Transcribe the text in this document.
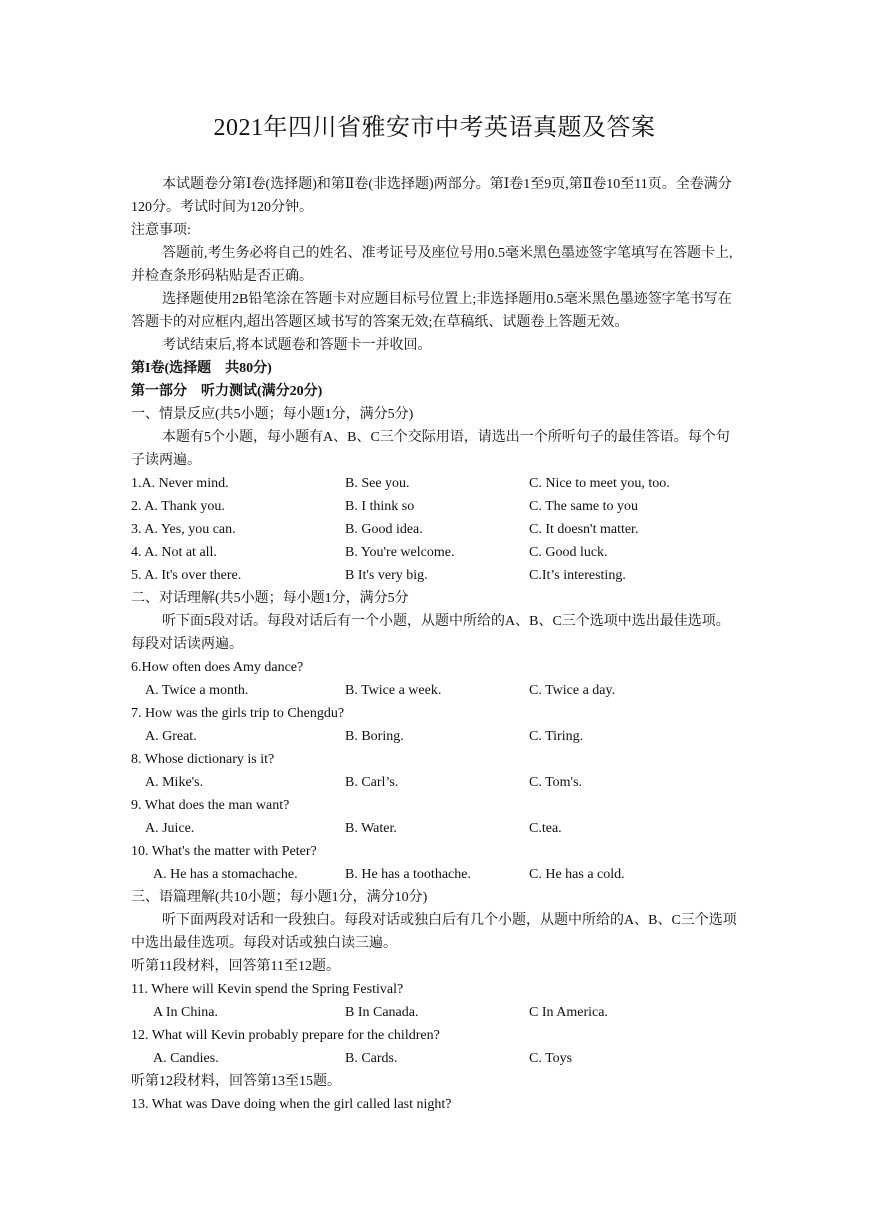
2021年四川省雅安市中考英语真题及答案

本试题卷分第Ⅰ卷(选择题)和第Ⅱ卷(非选择题)两部分。第Ⅰ卷1至9页,第Ⅱ卷10至11页。全卷满分120分。考试时间为120分钟。

注意事项:

答题前,考生务必将自己的姓名、准考证号及座位号用0.5毫米黑色墨迹签字笔填写在答题卡上,并检查条形码粘贴是否正确。

选择题使用2B铅笔涂在答题卡对应题目标号位置上;非选择题用0.5毫米黑色墨迹签字笔书写在答题卡的对应框内,超出答题区域书写的答案无效;在草稿纸、试题卷上答题无效。

考试结束后,将本试题卷和答题卡一并收回。

第I卷(选择题　共80分)

第一部分　听力测试(满分20分)

一、情景反应(共5小题；每小题1分，满分5分)

本题有5个小题，每小题有A、B、C三个交际用语，请选出一个所听句子的最佳答语。每个句子读两遍。

1.A. Never mind.	B. See you.	C. Nice to meet you, too.
2. A. Thank you.	B. I think so	C. The same to you
3. A. Yes, you can.	B. Good idea.	C. It doesn't matter.
4. A. Not at all.	B. You're welcome.	C. Good luck.
5. A. It's over there.	B It's very big.	C.It’s interesting.

二、对话理解(共5小题；每小题1分，满分5分

听下面5段对话。每段对话后有一个小题，从题中所给的A、B、C三个选项中选出最佳选项。每段对话读两遍。

6.How often does Amy dance?

A. Twice a month.	B. Twice a week.	C. Twice a day.

7. How was the girls trip to Chengdu?

A. Great.	B. Boring.	C. Tiring.

8. Whose dictionary is it?

A. Mike's.	B. Carl’s.	C. Tom's.

9. What does the man want?

A. Juice.	B. Water.	C.tea.

10. What's the matter with Peter?

A. He has a stomachache.	B. He has a toothache.	C. He has a cold.

三、语篇理解(共10小题；每小题1分，满分10分)

听下面两段对话和一段独白。每段对话或独白后有几个小题，从题中所给的A、B、C三个选项中选出最佳选项。每段对话或独白读三遍。

听第11段材料，回答第11至12题。

11. Where will Kevin spend the Spring Festival?

A In China.	B In Canada.	C In America.

12. What will Kevin probably prepare for the children?

A. Candies.	B. Cards.	C. Toys

听第12段材料，回答第13至15题。

13. What was Dave doing when the girl called last night?
